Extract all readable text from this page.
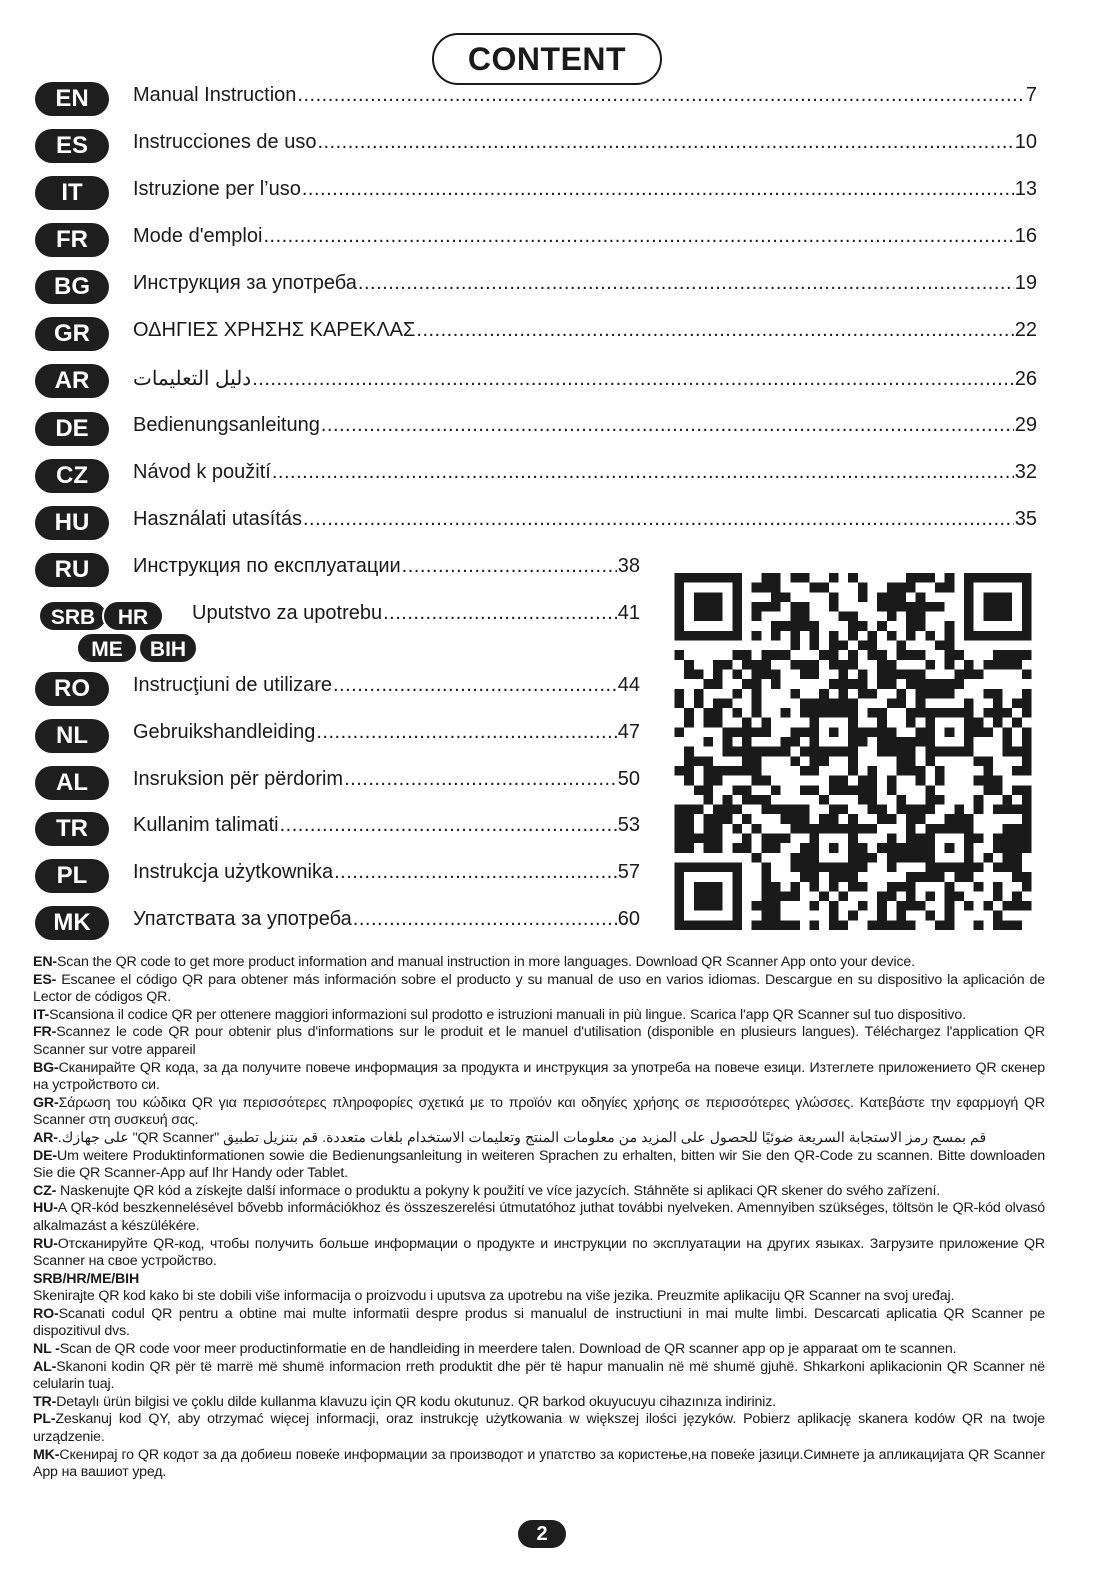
CONTENT
EN	Manual Instruction .....	7
ES	Instrucciones de uso .....	10
IT	Istruzione per l’uso .....	13
FR	Mode d'emploi .....	16
BG	Инструкция за употреба .....	19
GR	ΟΔΗΓΙΕΣ ΧΡΗΣΗΣ ΚΑΡΕΚΛΑΣ .....	22
AR	دليل التعليمات .....	26
DE	Bedienungsanleitung .....	29
CZ	Návod k použití .....	32
HU	Használati utasítás .....	35
RU	Инструкция по експлуатации .....	38
SRB	HR
ME	BIH
Uputstvo za upotrebu .....	41
RO	Instrucţiuni de utilizare .....	44
NL	Gebruikshandleiding .....	47
AL	Insruksion për përdorim .....	50
TR	Kullanim talimati .....	53
PL	Instrukcja użytkownika .....	57
MK	Упатствата за употреба .....	60

EN-Scan the QR code to get more product information and manual instruction in more languages. Download QR Scanner App onto your device.

ES- Escanee el código QR para obtener más información sobre el producto y su manual de uso en varios idiomas. Descargue en su dispositivo la aplicación de Lector de códigos QR.

IT-Scansiona il codice QR per ottenere maggiori informazioni sul prodotto e istruzioni manuali in più lingue. Scarica l'app QR Scanner sul tuo dispositivo.

FR-Scannez le code QR pour obtenir plus d'informations sur le produit et le manuel d'utilisation (disponible en plusieurs langues). Téléchargez l'application QR Scanner sur votre appareil

BG-Сканирайте QR кода, за да получите повече информация за продукта и инструкция за употреба на повече езици. Изтеглете приложението QR скенер на устройството си.

GR-Σάρωση του κώδικα QR για περισσότερες πληροφορίες σχετικά με το προϊόν και οδηγίες χρήσης σε περισσότερες γλώσσες. Κατεβάστε την εφαρμογή QR Scanner στη συσκευή σας.

AR-قم بمسح رمز الاستجابة السريعة ضوئيًا للحصول على المزيد من معلومات المنتج وتعليمات الاستخدام بلغات متعددة. قم بتنزيل تطبيق "QR Scanner" على جهازك.

DE-Um weitere Produktinformationen sowie die Bedienungsanleitung in weiteren Sprachen zu erhalten, bitten wir Sie den QR-Code zu scannen. Bitte downloaden Sie die QR Scanner-App auf Ihr Handy oder Tablet.

CZ- Naskenujte QR kód a získejte další informace o produktu a pokyny k použití ve více jazycích. Stáhněte si aplikaci QR skener do svého zařízení.

HU-A QR-kód beszkennelésével bővebb információkhoz és összeszerelési útmutatóhoz juthat további nyelveken. Amennyiben szükséges, töltsön le QR-kód olvasó alkalmazást a készülékére.

RU-Отсканируйте QR-код, чтобы получить больше информации о продукте и инструкции по эксплуатации на других языках. Загрузите приложение QR Scanner на свое устройство.

SRB/HR/ME/BIH
Skenirajte QR kod kako bi ste dobili više informacija o proizvodu i uputsva za upotrebu na više jezika. Preuzmite aplikaciju QR Scanner na svoj uređaj.

RO-Scanati codul QR pentru a obtine mai multe informatii despre produs si manualul de instructiuni in mai multe limbi. Descarcati aplicatia QR Scanner pe dispozitivul dvs.

NL -Scan de QR code voor meer productinformatie en de handleiding in meerdere talen. Download de QR scanner app op je apparaat om te scannen.

AL-Skanoni kodin QR për të marrë më shumë informacion rreth produktit dhe për të hapur manualin në më shumë gjuhë. Shkarkoni aplikacionin QR Scanner në celularin tuaj.

TR-Detaylı ürün bilgisi ve çoklu dilde kullanma klavuzu için QR kodu okutunuz. QR barkod okuyucuyu cihazınıza indiriniz.

PL-Zeskanuj kod QY, aby otrzymać więcej informacji, oraz instrukcję użytkowania w większej ilości języków. Pobierz aplikację skanera kodów QR na twoje urządzenie.

MK-Скенирај го QR кодот за да добиеш повеќе информации за производот и упатство за користење,на повеќе јазици.Симнете ја апликацијата QR Scanner App на вашиот уред.

2
